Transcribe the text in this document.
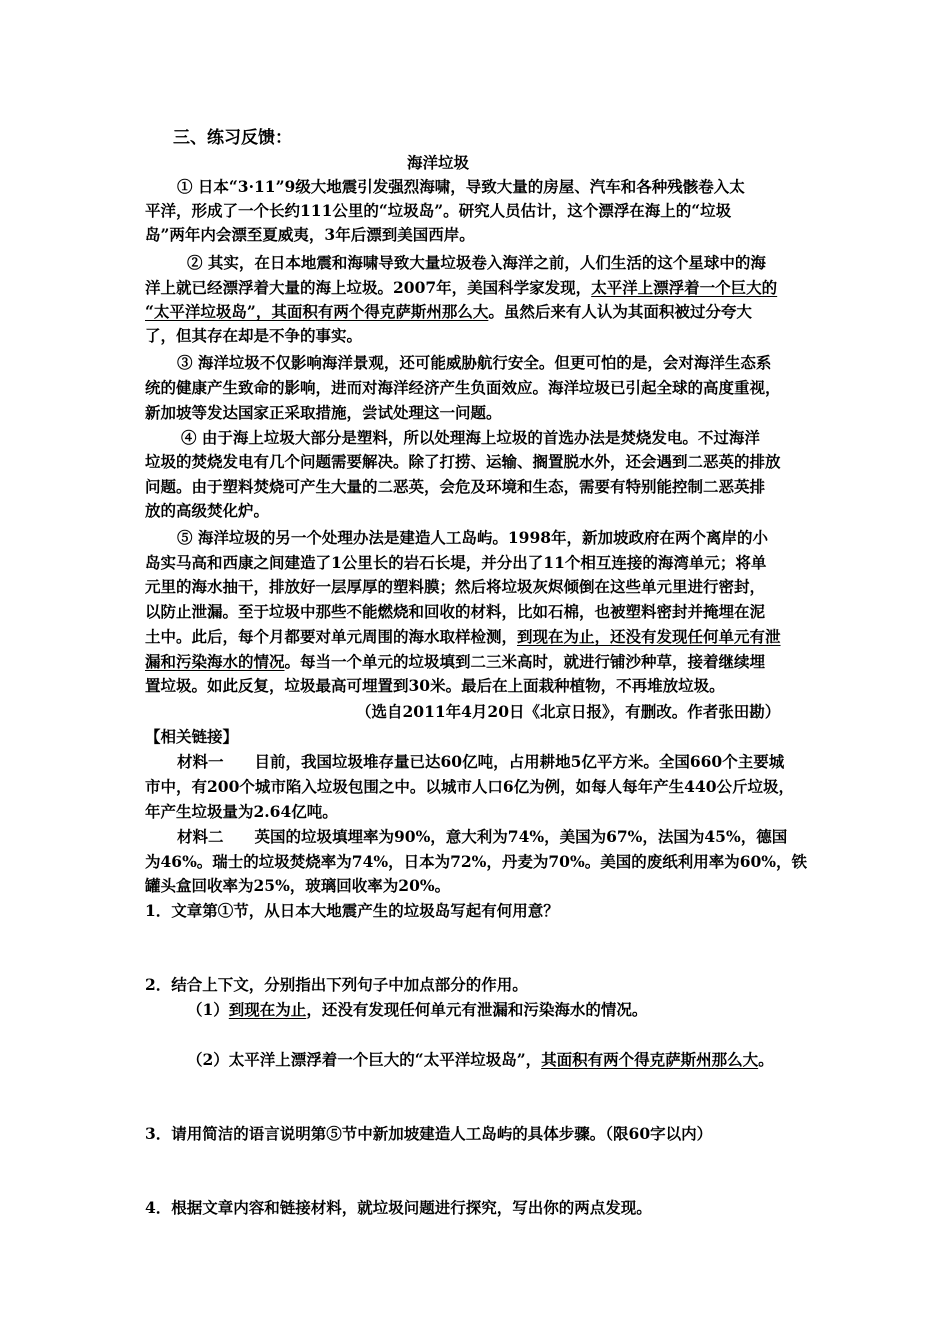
三、练习反馈：
海洋垃圾
① 日本“3·11”9级大地震引发强烈海啸，导致大量的房屋、汽车和各种残骸卷入太
平洋，形成了一个长约111公里的“垃圾岛”。研究人员估计，这个漂浮在海上的“垃圾
岛”两年内会漂至夏威夷，3年后漂到美国西岸。
② 其实，在日本地震和海啸导致大量垃圾卷入海洋之前，人们生活的这个星球中的海
洋上就已经漂浮着大量的海上垃圾。2007年，美国科学家发现，太平洋上漂浮着一个巨大的
“太平洋垃圾岛”，其面积有两个得克萨斯州那么大。虽然后来有人认为其面积被过分夸大
了，但其存在却是不争的事实。
③ 海洋垃圾不仅影响海洋景观，还可能威胁航行安全。但更可怕的是，会对海洋生态系
统的健康产生致命的影响，进而对海洋经济产生负面效应。海洋垃圾已引起全球的高度重视，
新加坡等发达国家正采取措施，尝试处理这一问题。
④ 由于海上垃圾大部分是塑料，所以处理海上垃圾的首选办法是焚烧发电。不过海洋
垃圾的焚烧发电有几个问题需要解决。除了打捞、运输、搁置脱水外，还会遇到二恶英的排放
问题。由于塑料焚烧可产生大量的二恶英，会危及环境和生态，需要有特别能控制二恶英排
放的高级焚化炉。
⑤ 海洋垃圾的另一个处理办法是建造人工岛屿。1998年，新加坡政府在两个离岸的小
岛实马高和西康之间建造了1公里长的岩石长堤，并分出了11个相互连接的海湾单元；将单
元里的海水抽干，排放好一层厚厚的塑料膜；然后将垃圾灰烬倾倒在这些单元里进行密封，
以防止泄漏。至于垃圾中那些不能燃烧和回收的材料，比如石棉，也被塑料密封并掩埋在泥
土中。此后，每个月都要对单元周围的海水取样检测，到现在为止，还没有发现任何单元有泄
漏和污染海水的情况。每当一个单元的垃圾填到二三米高时，就进行铺沙种草，接着继续埋
置垃圾。如此反复，垃圾最高可埋置到30米。最后在上面栽种植物，不再堆放垃圾。
（选自2011年4月20日《北京日报》，有删改。作者张田勘）
【相关链接】
材料一　　目前，我国垃圾堆存量已达60亿吨，占用耕地5亿平方米。全国660个主要城
市中，有200个城市陷入垃圾包围之中。以城市人口6亿为例，如每人每年产生440公斤垃圾，
年产生垃圾量为2.64亿吨。
材料二　　英国的垃圾填埋率为90%，意大利为74%，美国为67%，法国为45%，德国
为46%。瑞士的垃圾焚烧率为74%，日本为72%，丹麦为70%。美国的废纸利用率为60%，铁
罐头盒回收率为25%，玻璃回收率为20%。
1．文章第①节，从日本大地震产生的垃圾岛写起有何用意？
2．结合上下文，分别指出下列句子中加点部分的作用。
（1）到现在为止，还没有发现任何单元有泄漏和污染海水的情况。
（2）太平洋上漂浮着一个巨大的“太平洋垃圾岛”，其面积有两个得克萨斯州那么大。
3．请用简洁的语言说明第⑤节中新加坡建造人工岛屿的具体步骤。（限60字以内）
4．根据文章内容和链接材料，就垃圾问题进行探究，写出你的两点发现。
